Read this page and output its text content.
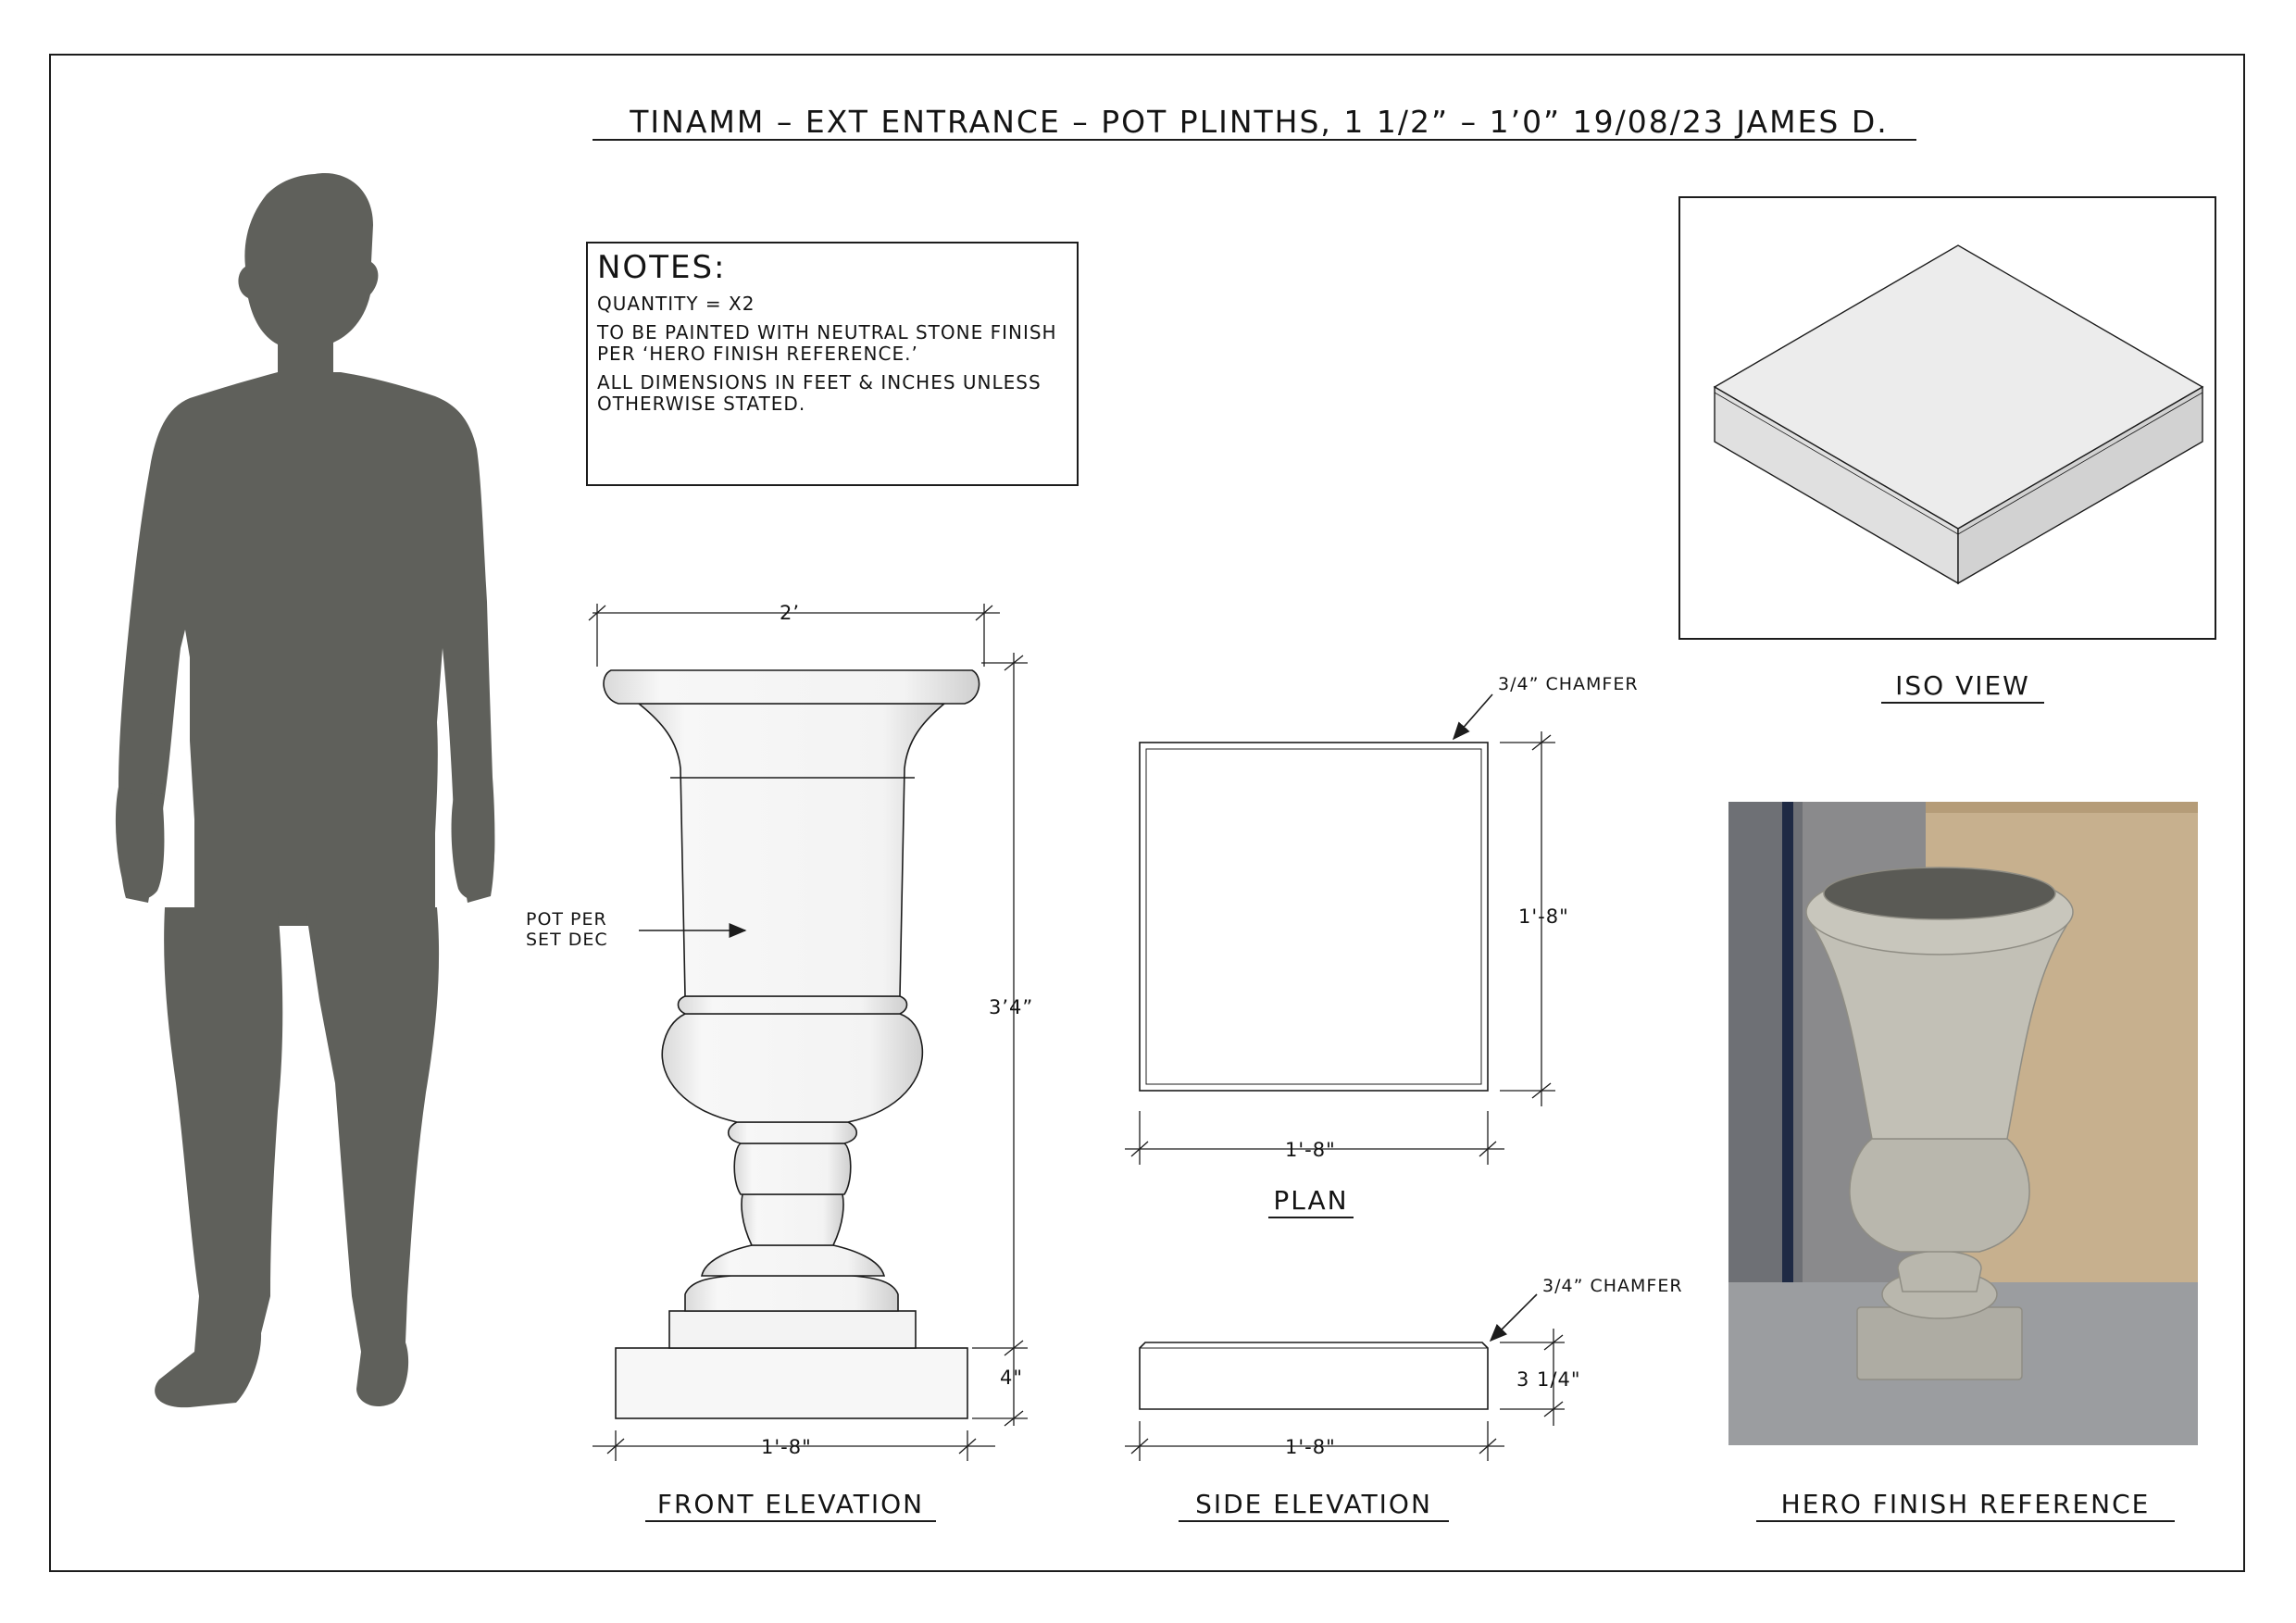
TINAMM – EXT ENTRANCE – POT PLINTHS, 1 1/2” – 1’0” 19/08/23 JAMES D.
NOTES:

QUANTITY = X2

TO BE PAINTED WITH NEUTRAL STONE FINISH PER ‘HERO FINISH REFERENCE.’

ALL DIMENSIONS IN FEET & INCHES UNLESS OTHERWISE STATED.

2’
3’4”
4"
1'-8"
POT PER SET DEC
3/4” CHAMFER
1'-8"
1'-8"
3/4” CHAMFER
1'-8"
3 1/4"
FRONT ELEVATION
PLAN
SIDE ELEVATION
ISO VIEW
HERO FINISH REFERENCE
